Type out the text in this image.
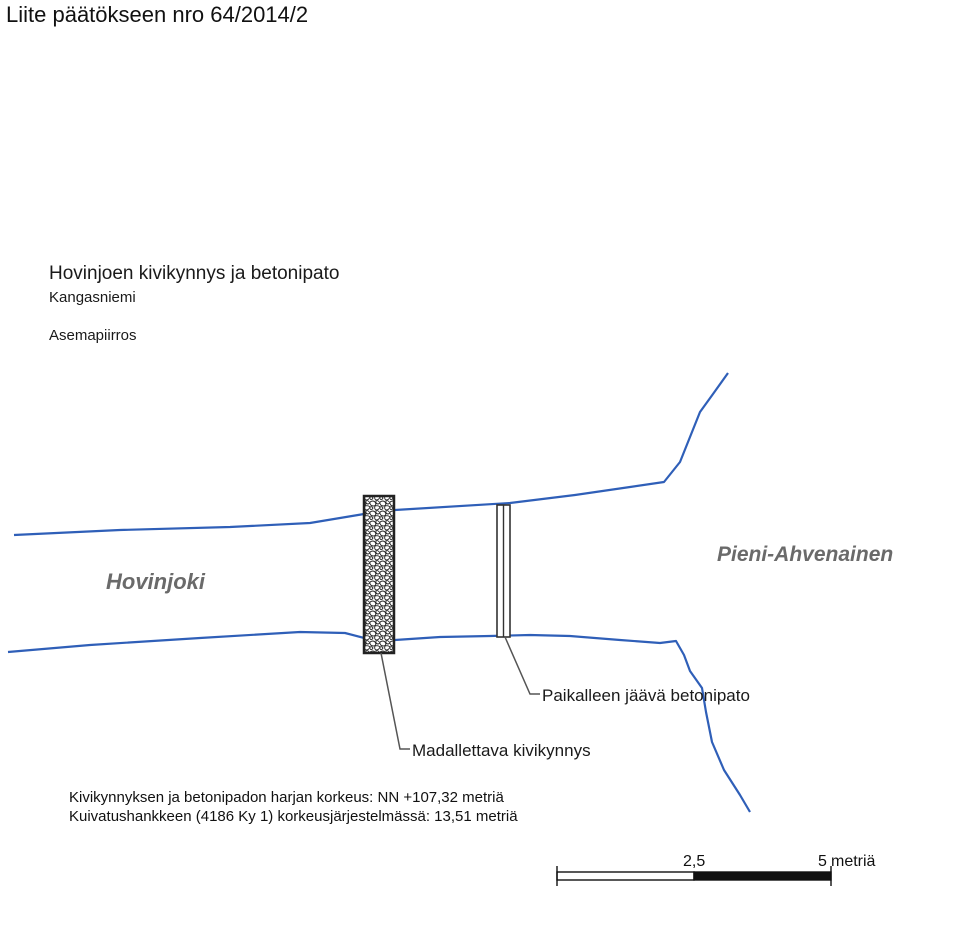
Liite päätökseen nro 64/2014/2
Hovinjoen kivikynnys ja betonipato
Kangasniemi
Asemapiirros
Hovinjoki
Pieni-Ahvenainen
Paikalleen jäävä betonipato
Madallettava kivikynnys
2,5	5 metriä
Kivikynnyksen ja betonipadon harjan korkeus: NN +107,32 metriä
Kuivatushankkeen (4186 Ky 1) korkeusjärjestelmässä: 13,51 metriä
